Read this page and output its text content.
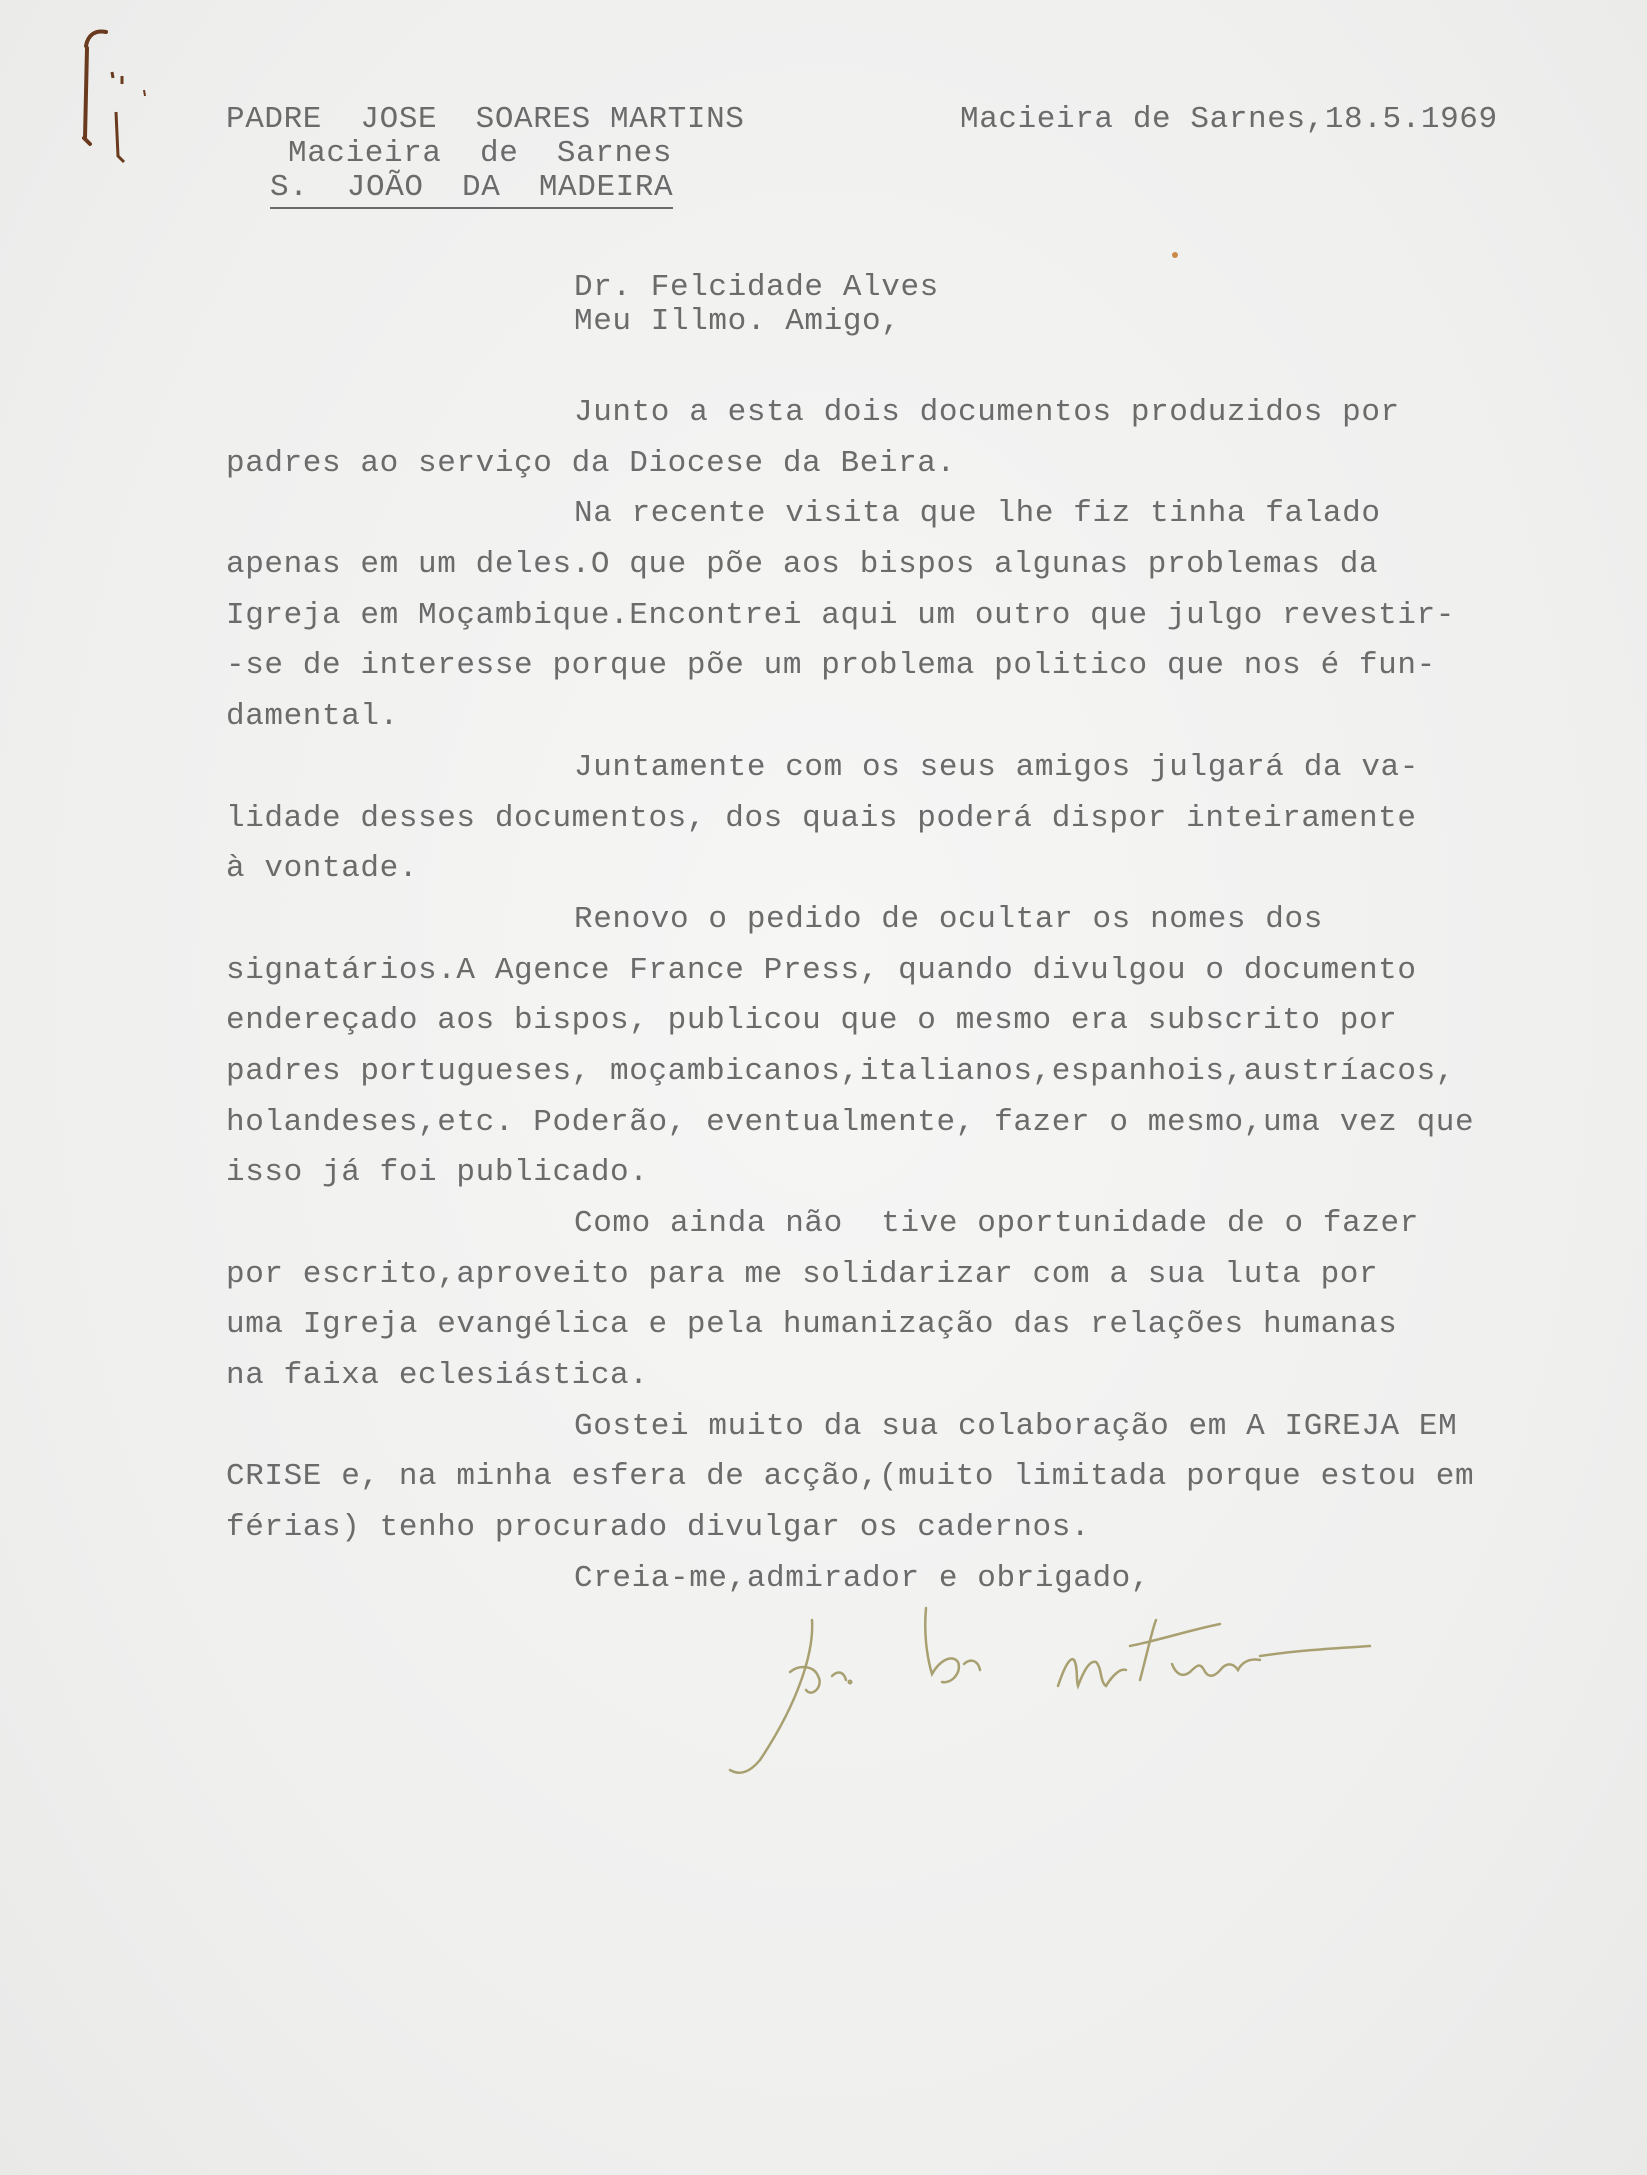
PADRE  JOSE  SOARES MARTINS
Macieira  de  Sarnes
S.  JOÃO  DA  MADEIRA
Macieira de Sarnes,18.5.1969
Dr. Felcidade Alves
Meu Illmo. Amigo,
Junto a esta dois documentos produzidos por
padres ao serviço da Diocese da Beira.
Na recente visita que lhe fiz tinha falado
apenas em um deles.O que põe aos bispos algunas problemas da
Igreja em Moçambique.Encontrei aqui um outro que julgo revestir-
-se de interesse porque põe um problema politico que nos é fun-
damental.
Juntamente com os seus amigos julgará da va-
lidade desses documentos, dos quais poderá dispor inteiramente
à vontade.
Renovo o pedido de ocultar os nomes dos
signatários.A Agence France Press, quando divulgou o documento
endereçado aos bispos, publicou que o mesmo era subscrito por
padres portugueses, moçambicanos,italianos,espanhois,austríacos,
holandeses,etc. Poderão, eventualmente, fazer o mesmo,uma vez que
isso já foi publicado.
Como ainda não  tive oportunidade de o fazer
por escrito,aproveito para me solidarizar com a sua luta por
uma Igreja evangélica e pela humanização das relações humanas
na faixa eclesiástica.
Gostei muito da sua colaboração em A IGREJA EM
CRISE e, na minha esfera de acção,(muito limitada porque estou em
férias) tenho procurado divulgar os cadernos.
Creia-me,admirador e obrigado,
